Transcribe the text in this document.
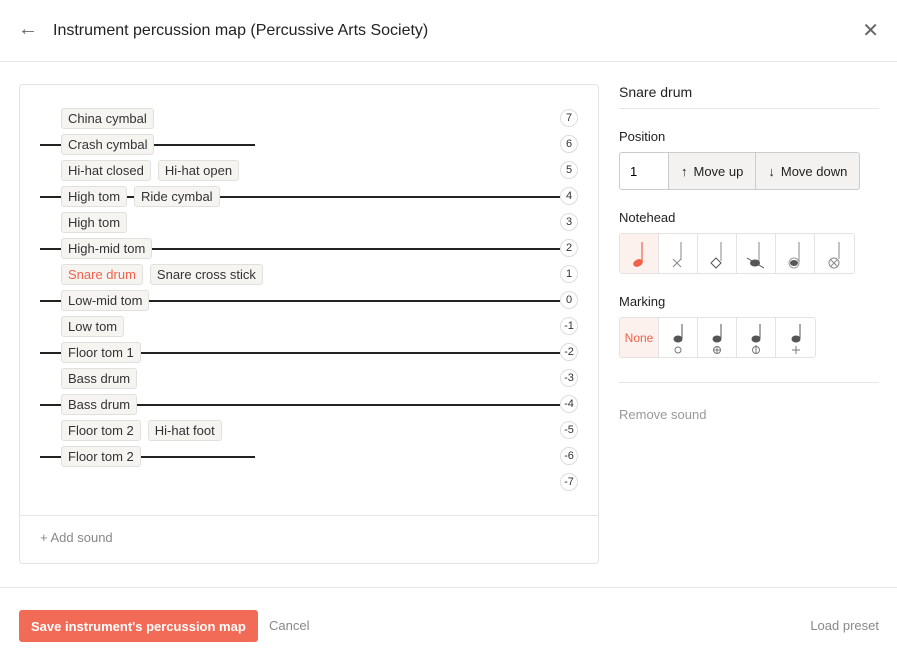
← Instrument percussion map (Percussive Arts Society)	✕
China cymbal	7
Crash cymbal	6
Hi-hat closed	Hi-hat open	5
High tom	Ride cymbal	4
High tom	3
High-mid tom	2
Snare drum	Snare cross stick	1
Low-mid tom	0
Low tom	-1
Floor tom 1	-2
Bass drum	-3
Bass drum	-4
Floor tom 2	Hi-hat foot	-5
Floor tom 2	-6
-7
+ Add sound
Snare drum
Position
1
↑ Move up ↓ Move down
Notehead
Marking
None
Remove sound
Save instrument's percussion map	Cancel	Load preset
